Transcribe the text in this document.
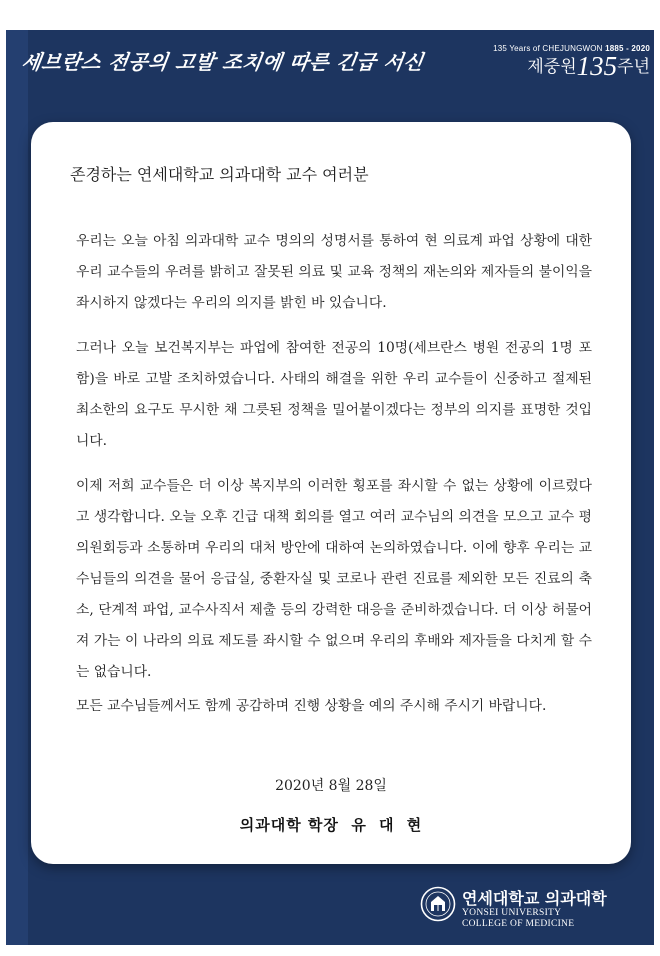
세브란스 전공의 고발 조치에 따른 긴급 서신
135 Years of CHEJUNGWON 1885 - 2020
제중원135주년

존경하는 연세대학교 의과대학 교수 여러분

우리는 오늘 아침 의과대학 교수 명의의 성명서를 통하여 현 의료계 파업 상황에 대한 우리 교수들의 우려를 밝히고 잘못된 의료 및 교육 정책의 재논의와 제자들의 불이익을 좌시하지 않겠다는 우리의 의지를 밝힌 바 있습니다.

그러나 오늘 보건복지부는 파업에 참여한 전공의 10명(세브란스 병원 전공의 1명 포함)을 바로 고발 조치하였습니다. 사태의 해결을 위한 우리 교수들이 신중하고 절제된 최소한의 요구도 무시한 채 그릇된 정책을 밀어붙이겠다는 정부의 의지를 표명한 것입니다.

이제 저희 교수들은 더 이상 복지부의 이러한 횡포를 좌시할 수 없는 상황에 이르렀다고 생각합니다. 오늘 오후 긴급 대책 회의를 열고 여러 교수님의 의견을 모으고 교수 평의원회등과 소통하며 우리의 대처 방안에 대하여 논의하였습니다. 이에 향후 우리는 교수님들의 의견을 물어 응급실, 중환자실 및 코로나 관련 진료를 제외한 모든 진료의 축소, 단계적 파업, 교수사직서 제출 등의 강력한 대응을 준비하겠습니다. 더 이상 허물어져 가는 이 나라의 의료 제도를 좌시할 수 없으며 우리의 후배와 제자들을 다치게 할 수는 없습니다.

모든 교수님들께서도 함께 공감하며 진행 상황을 예의 주시해 주시기 바랍니다.

2020년 8월 28일
의과대학 학장 유 대 현
연세대학교 의과대학
YONSEI UNIVERSITY
COLLEGE OF MEDICINE
